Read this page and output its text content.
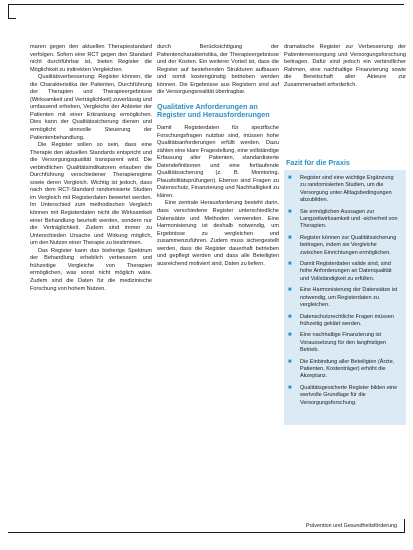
maren gegen den aktuellen Therapiestandard verfolgen. Sofern eine RCT gegen den Standard nicht durchführbar ist, bieten Register die Möglichkeit zu indirekten Vergleichen.

Qualitätsverbesserung: Register können, die die Charakteristika der Patienten, Durchführung der Therapien und Therapieergebnisse (Wirksamkeit und Verträglichkeit) zuverlässig und umfassend erheben, Vergleiche der Anbieter der Patienten mit einer Erkrankung ermöglichen. Dies kann der Qualitätssicherung dienen und ermöglicht sinnvolle Steuerung der Patientenbehandlung.

Die Register sollen so sein, dass eine Therapie den aktuellen Standards entspricht und die Versorgungsqualität transparent wird. Die verbindlichen Qualitätsindikatoren erlauben die Durchführung verschiedener Therapieregime sowie deren Vergleich. Wichtig ist jedoch, dass nach dem RCT-Standard randomisierte Studien im Vergleich mit Registerdaten bewertet werden. Im Unterschied zum methodischen Vergleich können mit Registerdaten nicht die Wirksamkeit einer Behandlung beurteilt werden, sondern nur die Verträglichkeit. Zudem sind immer zu Unterschieden Ursache und Wirkung möglich, um den Nutzen einer Therapie zu bestimmen.

Das Register kann das bisherige Spektrum der Behandlung erheblich verbessern und frühzeitige Vergleiche von Therapien ermöglichen, was sonst nicht möglich wäre. Zudem sind die Daten für die medizinische Forschung von hohem Nutzen.

durch Berücksichtigung der Patientencharakteristika, der Therapieergebnisse und der Kosten. Ein weiterer Vorteil ist, dass die Register auf bestehenden Strukturen aufbauen und somit kostengünstig betrieben werden können. Die Ergebnisse aus Registern sind auf die Versorgungsrealität übertragbar.

Qualitative Anforderungen an Register und Herausforderungen

Damit Registerdaten für spezifische Forschungsfragen nutzbar sind, müssen hohe Qualitätsanforderungen erfüllt werden. Dazu zählen eine klare Fragestellung, eine vollständige Erfassung aller Patienten, standardisierte Datendefinitionen und eine fortlaufende Qualitätssicherung (z. B. Monitoring, Plausibilitätsprüfungen). Ebenso sind Fragen zu Datenschutz, Finanzierung und Nachhaltigkeit zu klären.

Eine zentrale Herausforderung besteht darin, dass verschiedene Register unterschiedliche Datensätze und Methoden verwenden. Eine Harmonisierung ist deshalb notwendig, um Ergebnisse zu vergleichen und zusammenzuführen. Zudem muss sichergestellt werden, dass die Register dauerhaft betrieben und gepflegt werden und dass alle Beteiligten ausreichend motiviert sind, Daten zu liefern.

dramatische Register zur Verbesserung der Patientenversorgung und Versorgungsforschung beitragen. Dafür sind jedoch ein verbindlicher Rahmen, eine nachhaltige Finanzierung sowie die Bereitschaft aller Akteure zur Zusammenarbeit erforderlich.

Fazit für die Praxis
■ Register sind eine wichtige Ergänzung zu randomisierten Studien, um die Versorgung unter Alltagsbedingungen abzubilden.
■ Sie ermöglichen Aussagen zur Langzeitwirksamkeit und -sicherheit von Therapien.
■ Register können zur Qualitätssicherung beitragen, indem sie Vergleiche zwischen Einrichtungen ermöglichen.
■ Damit Registerdaten valide sind, sind hohe Anforderungen an Datenqualität und Vollständigkeit zu erfüllen.
■ Eine Harmonisierung der Datensätze ist notwendig, um Registerdaten zu vergleichen.
■ Datenschutzrechtliche Fragen müssen frühzeitig geklärt werden.
■ Eine nachhaltige Finanzierung ist Voraussetzung für den langfristigen Betrieb.
■ Die Einbindung aller Beteiligten (Ärzte, Patienten, Kostenträger) erhöht die Akzeptanz.
■ Qualitätsgesicherte Register bilden eine wertvolle Grundlage für die Versorgungsforschung.
Prävention und Gesundheitsförderung
